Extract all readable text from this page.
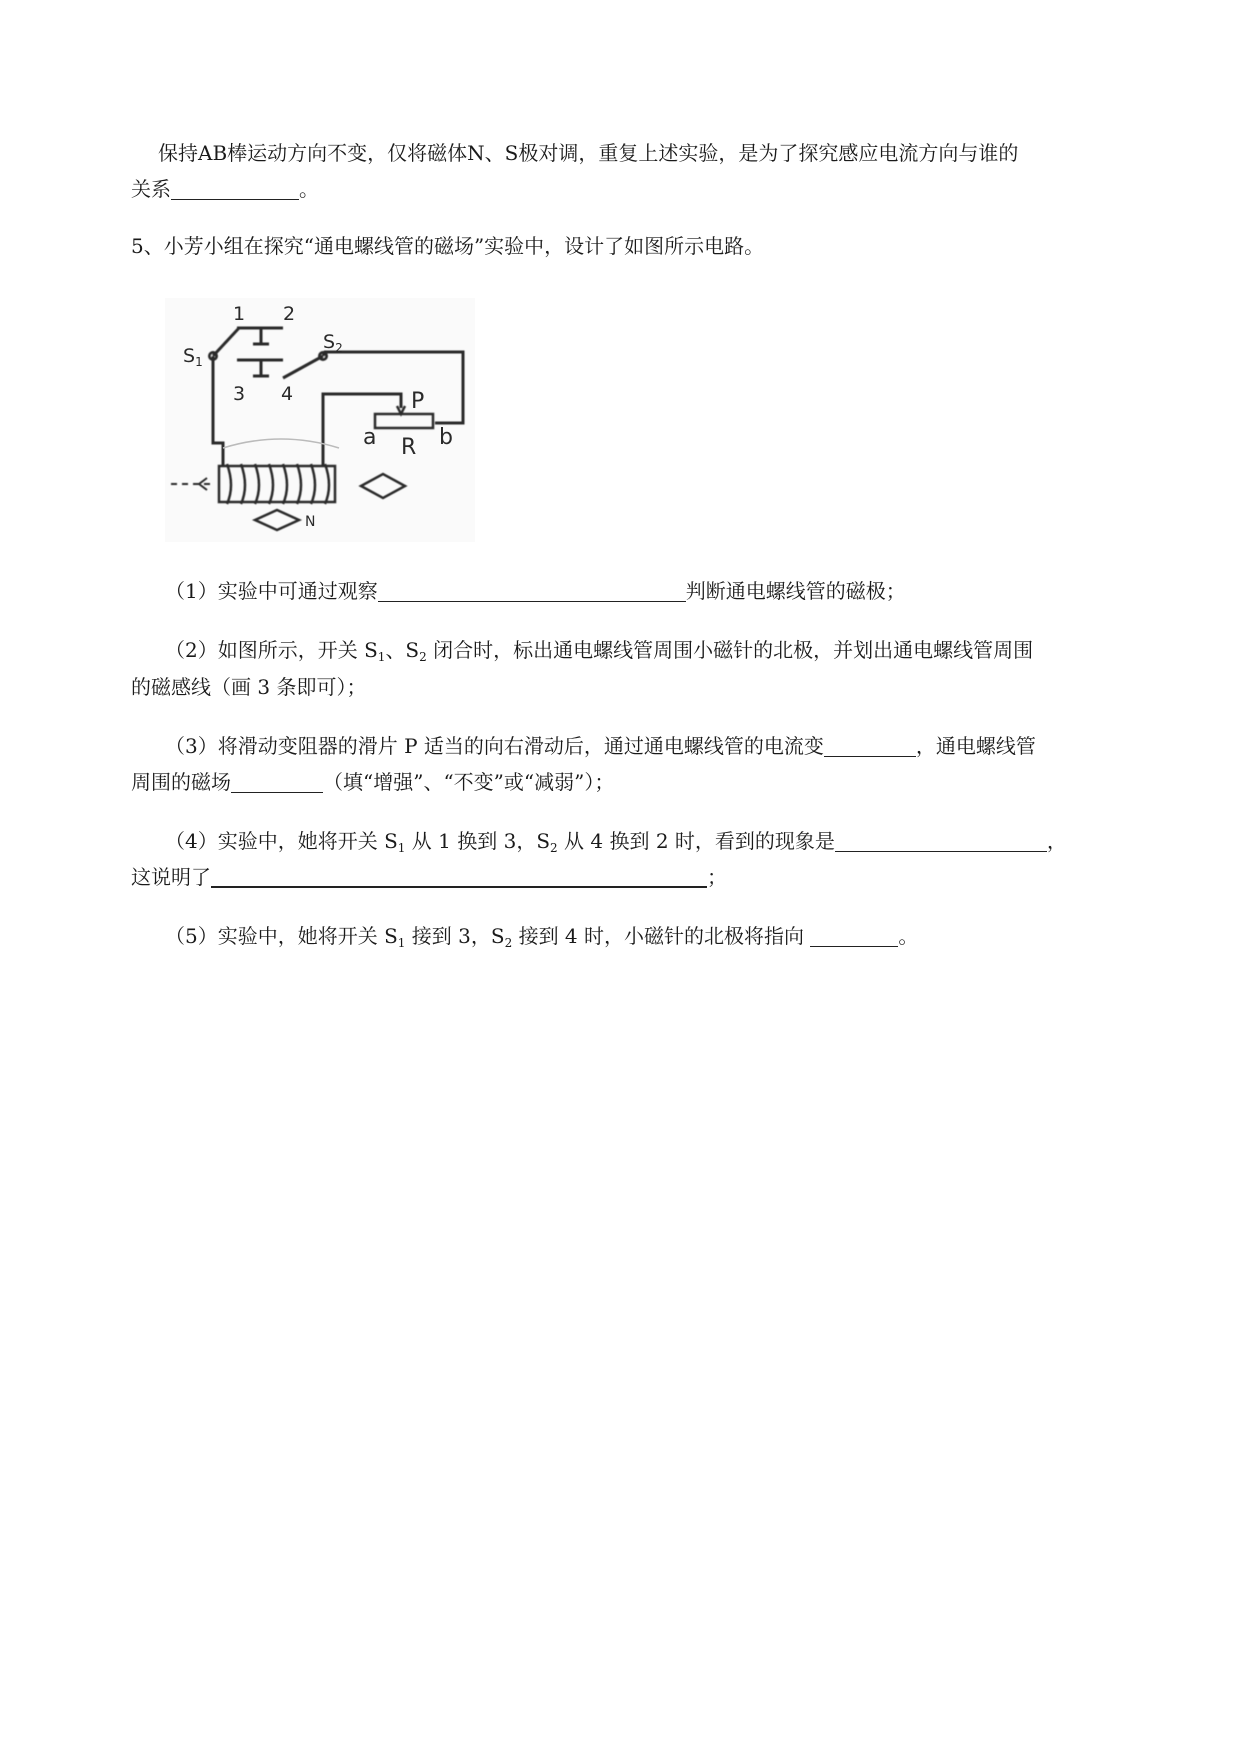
保持AB棒运动方向不变，仅将磁体N、S极对调，重复上述实验，是为了探究感应电流方向与谁的
关系	。
5、小芳小组在探究“通电螺线管的磁场”实验中，设计了如图所示电路。
1 2
3 4
$S_1$
$S_2$
P
a R b
N
（1）实验中可通过观察	判断通电螺线管的磁极；
（2）如图所示，开关 $S_1$、$S_2$ 闭合时，标出通电螺线管周围小磁针的北极，并划出通电螺线管周围
的磁感线（画 3 条即可）；
（3）将滑动变阻器的滑片 P 适当的向右滑动后，通过通电螺线管的电流变	，通电螺线管
周围的磁场	（填“增强”、“不变”或“减弱”）；
（4）实验中，她将开关 $S_1$ 从 1 换到 3，$S_2$ 从 4 换到 2 时，看到的现象是	，
这说明了	；
（5）实验中，她将开关 $S_1$ 接到 3，$S_2$ 接到 4 时，小磁针的北极将指向	。
